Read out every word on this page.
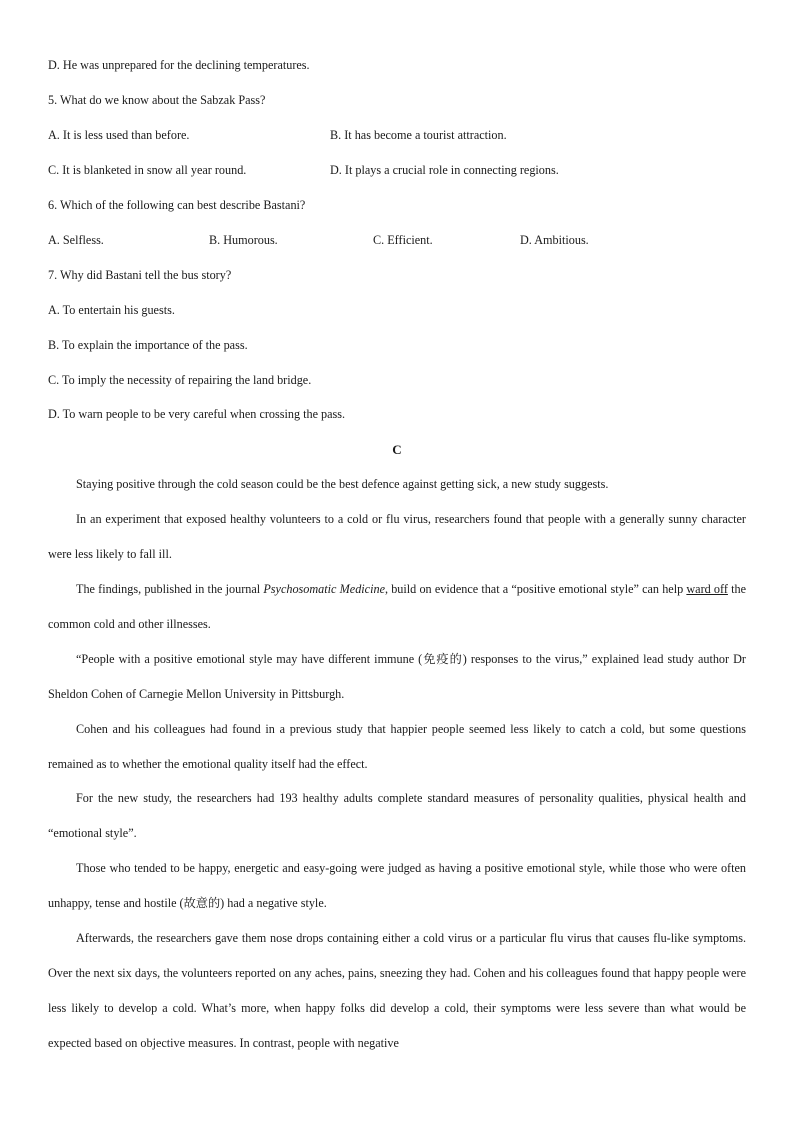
D. He was unprepared for the declining temperatures.
5. What do we know about the Sabzak Pass?
A. It is less used than before.	B. It has become a tourist attraction.
C. It is blanketed in snow all year round.	D. It plays a crucial role in connecting regions.
6. Which of the following can best describe Bastani?
A. Selfless.	B. Humorous.	C. Efficient.	D. Ambitious.
7. Why did Bastani tell the bus story?
A. To entertain his guests.
B. To explain the importance of the pass.
C. To imply the necessity of repairing the land bridge.
D. To warn people to be very careful when crossing the pass.
C
Staying positive through the cold season could be the best defence against getting sick, a new study suggests.
In an experiment that exposed healthy volunteers to a cold or flu virus, researchers found that people with a generally sunny character were less likely to fall ill.
The findings, published in the journal Psychosomatic Medicine, build on evidence that a “positive emotional style” can help ward off the common cold and other illnesses.
“People with a positive emotional style may have different immune (免疫的) responses to the virus,” explained lead study author Dr Sheldon Cohen of Carnegie Mellon University in Pittsburgh.
Cohen and his colleagues had found in a previous study that happier people seemed less likely to catch a cold, but some questions remained as to whether the emotional quality itself had the effect.
For the new study, the researchers had 193 healthy adults complete standard measures of personality qualities, physical health and “emotional style”.
Those who tended to be happy, energetic and easy-going were judged as having a positive emotional style, while those who were often unhappy, tense and hostile (故意的) had a negative style.
Afterwards, the researchers gave them nose drops containing either a cold virus or a particular flu virus that causes flu-like symptoms. Over the next six days, the volunteers reported on any aches, pains, sneezing they had. Cohen and his colleagues found that happy people were less likely to develop a cold. What’s more, when happy folks did develop a cold, their symptoms were less severe than what would be expected based on objective measures. In contrast, people with negative
